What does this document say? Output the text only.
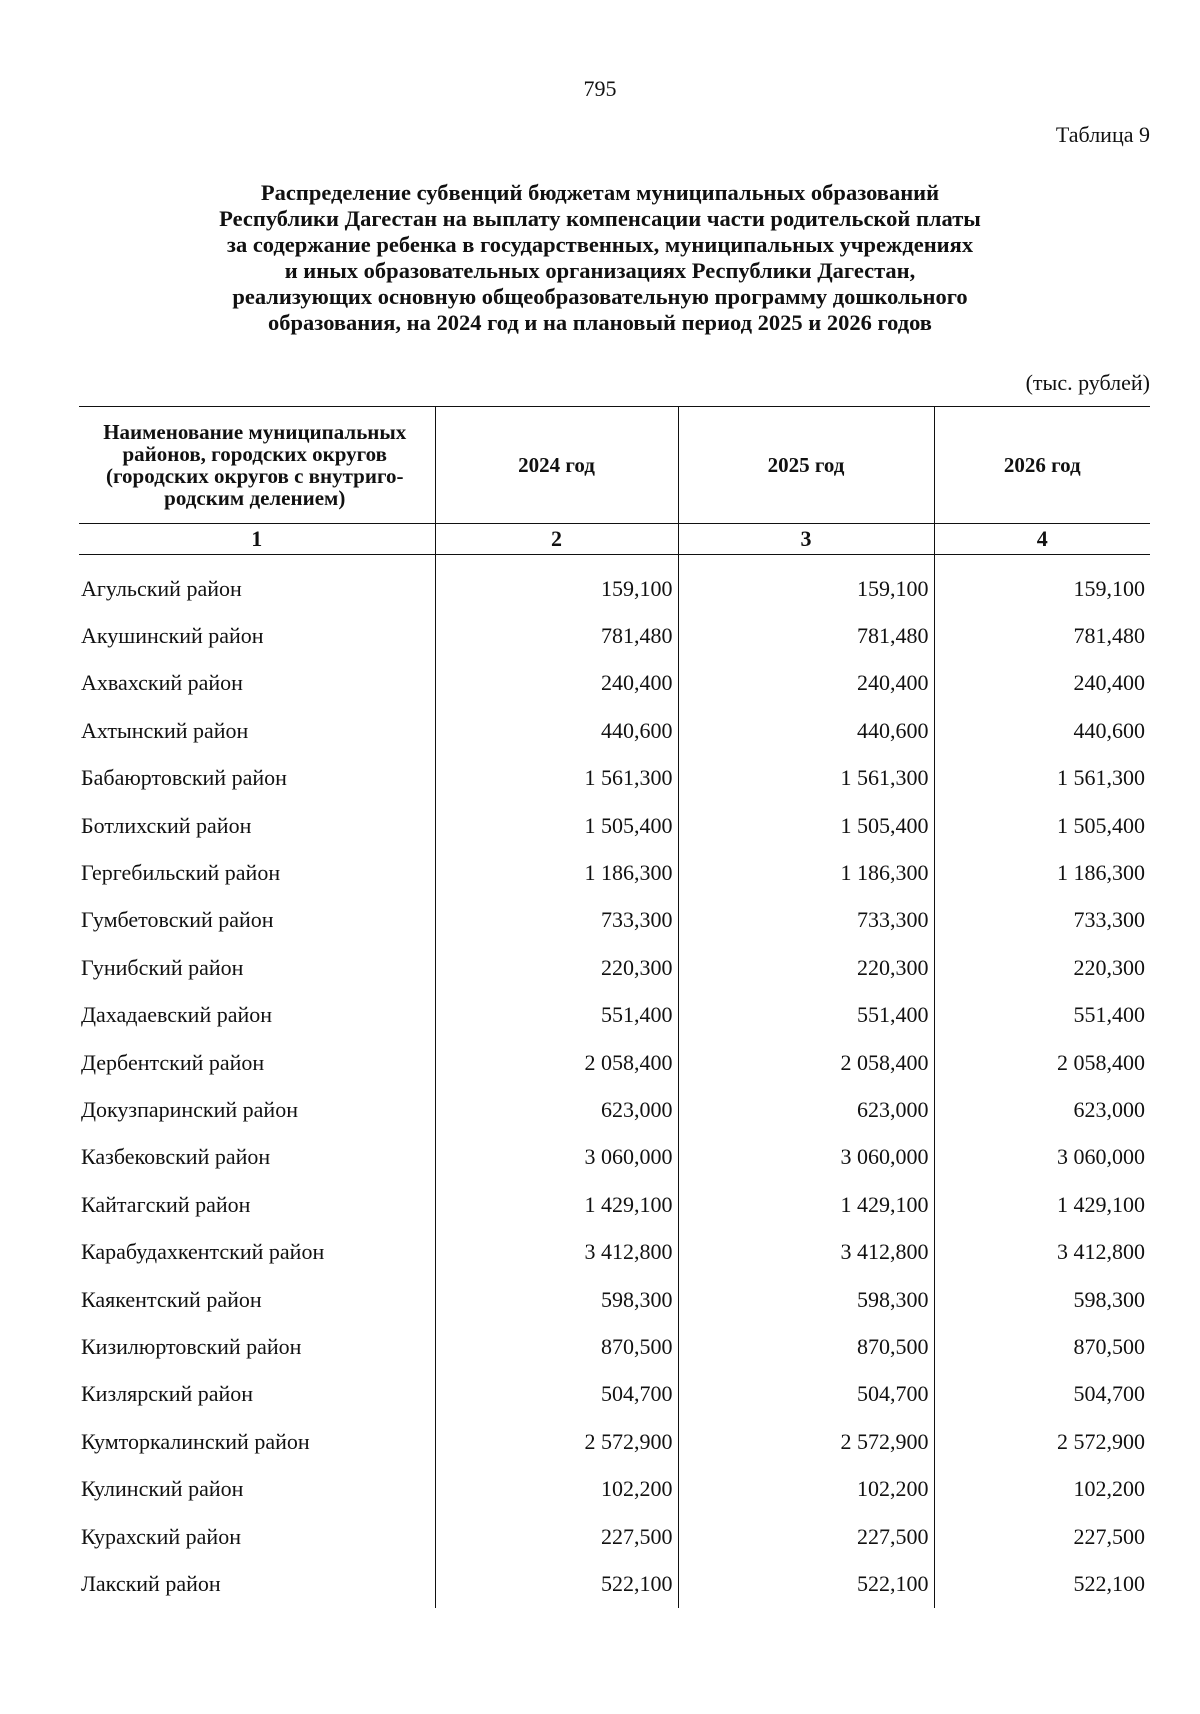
795
Таблица 9
Распределение субвенций бюджетам муниципальных образований
Республики Дагестан на выплату компенсации части родительской платы
за содержание ребенка в государственных, муниципальных учреждениях
и иных образовательных организациях Республики Дагестан,
реализующих основную общеобразовательную программу дошкольного
образования, на 2024 год и на плановый период 2025 и 2026 годов
(тыс. рублей)
Наименование муниципальных
районов, городских округов
(городских округов с внутриго-
родским делением)	2024 год	2025 год	2026 год
1	2	3	4
Агульский район	159,100	159,100	159,100
Акушинский район	781,480	781,480	781,480
Ахвахский район	240,400	240,400	240,400
Ахтынский район	440,600	440,600	440,600
Бабаюртовский район	1 561,300	1 561,300	1 561,300
Ботлихский район	1 505,400	1 505,400	1 505,400
Гергебильский район	1 186,300	1 186,300	1 186,300
Гумбетовский район	733,300	733,300	733,300
Гунибский район	220,300	220,300	220,300
Дахадаевский район	551,400	551,400	551,400
Дербентский район	2 058,400	2 058,400	2 058,400
Докузпаринский район	623,000	623,000	623,000
Казбековский район	3 060,000	3 060,000	3 060,000
Кайтагский район	1 429,100	1 429,100	1 429,100
Карабудахкентский район	3 412,800	3 412,800	3 412,800
Каякентский район	598,300	598,300	598,300
Кизилюртовский район	870,500	870,500	870,500
Кизлярский район	504,700	504,700	504,700
Кумторкалинский район	2 572,900	2 572,900	2 572,900
Кулинский район	102,200	102,200	102,200
Курахский район	227,500	227,500	227,500
Лакский район	522,100	522,100	522,100
